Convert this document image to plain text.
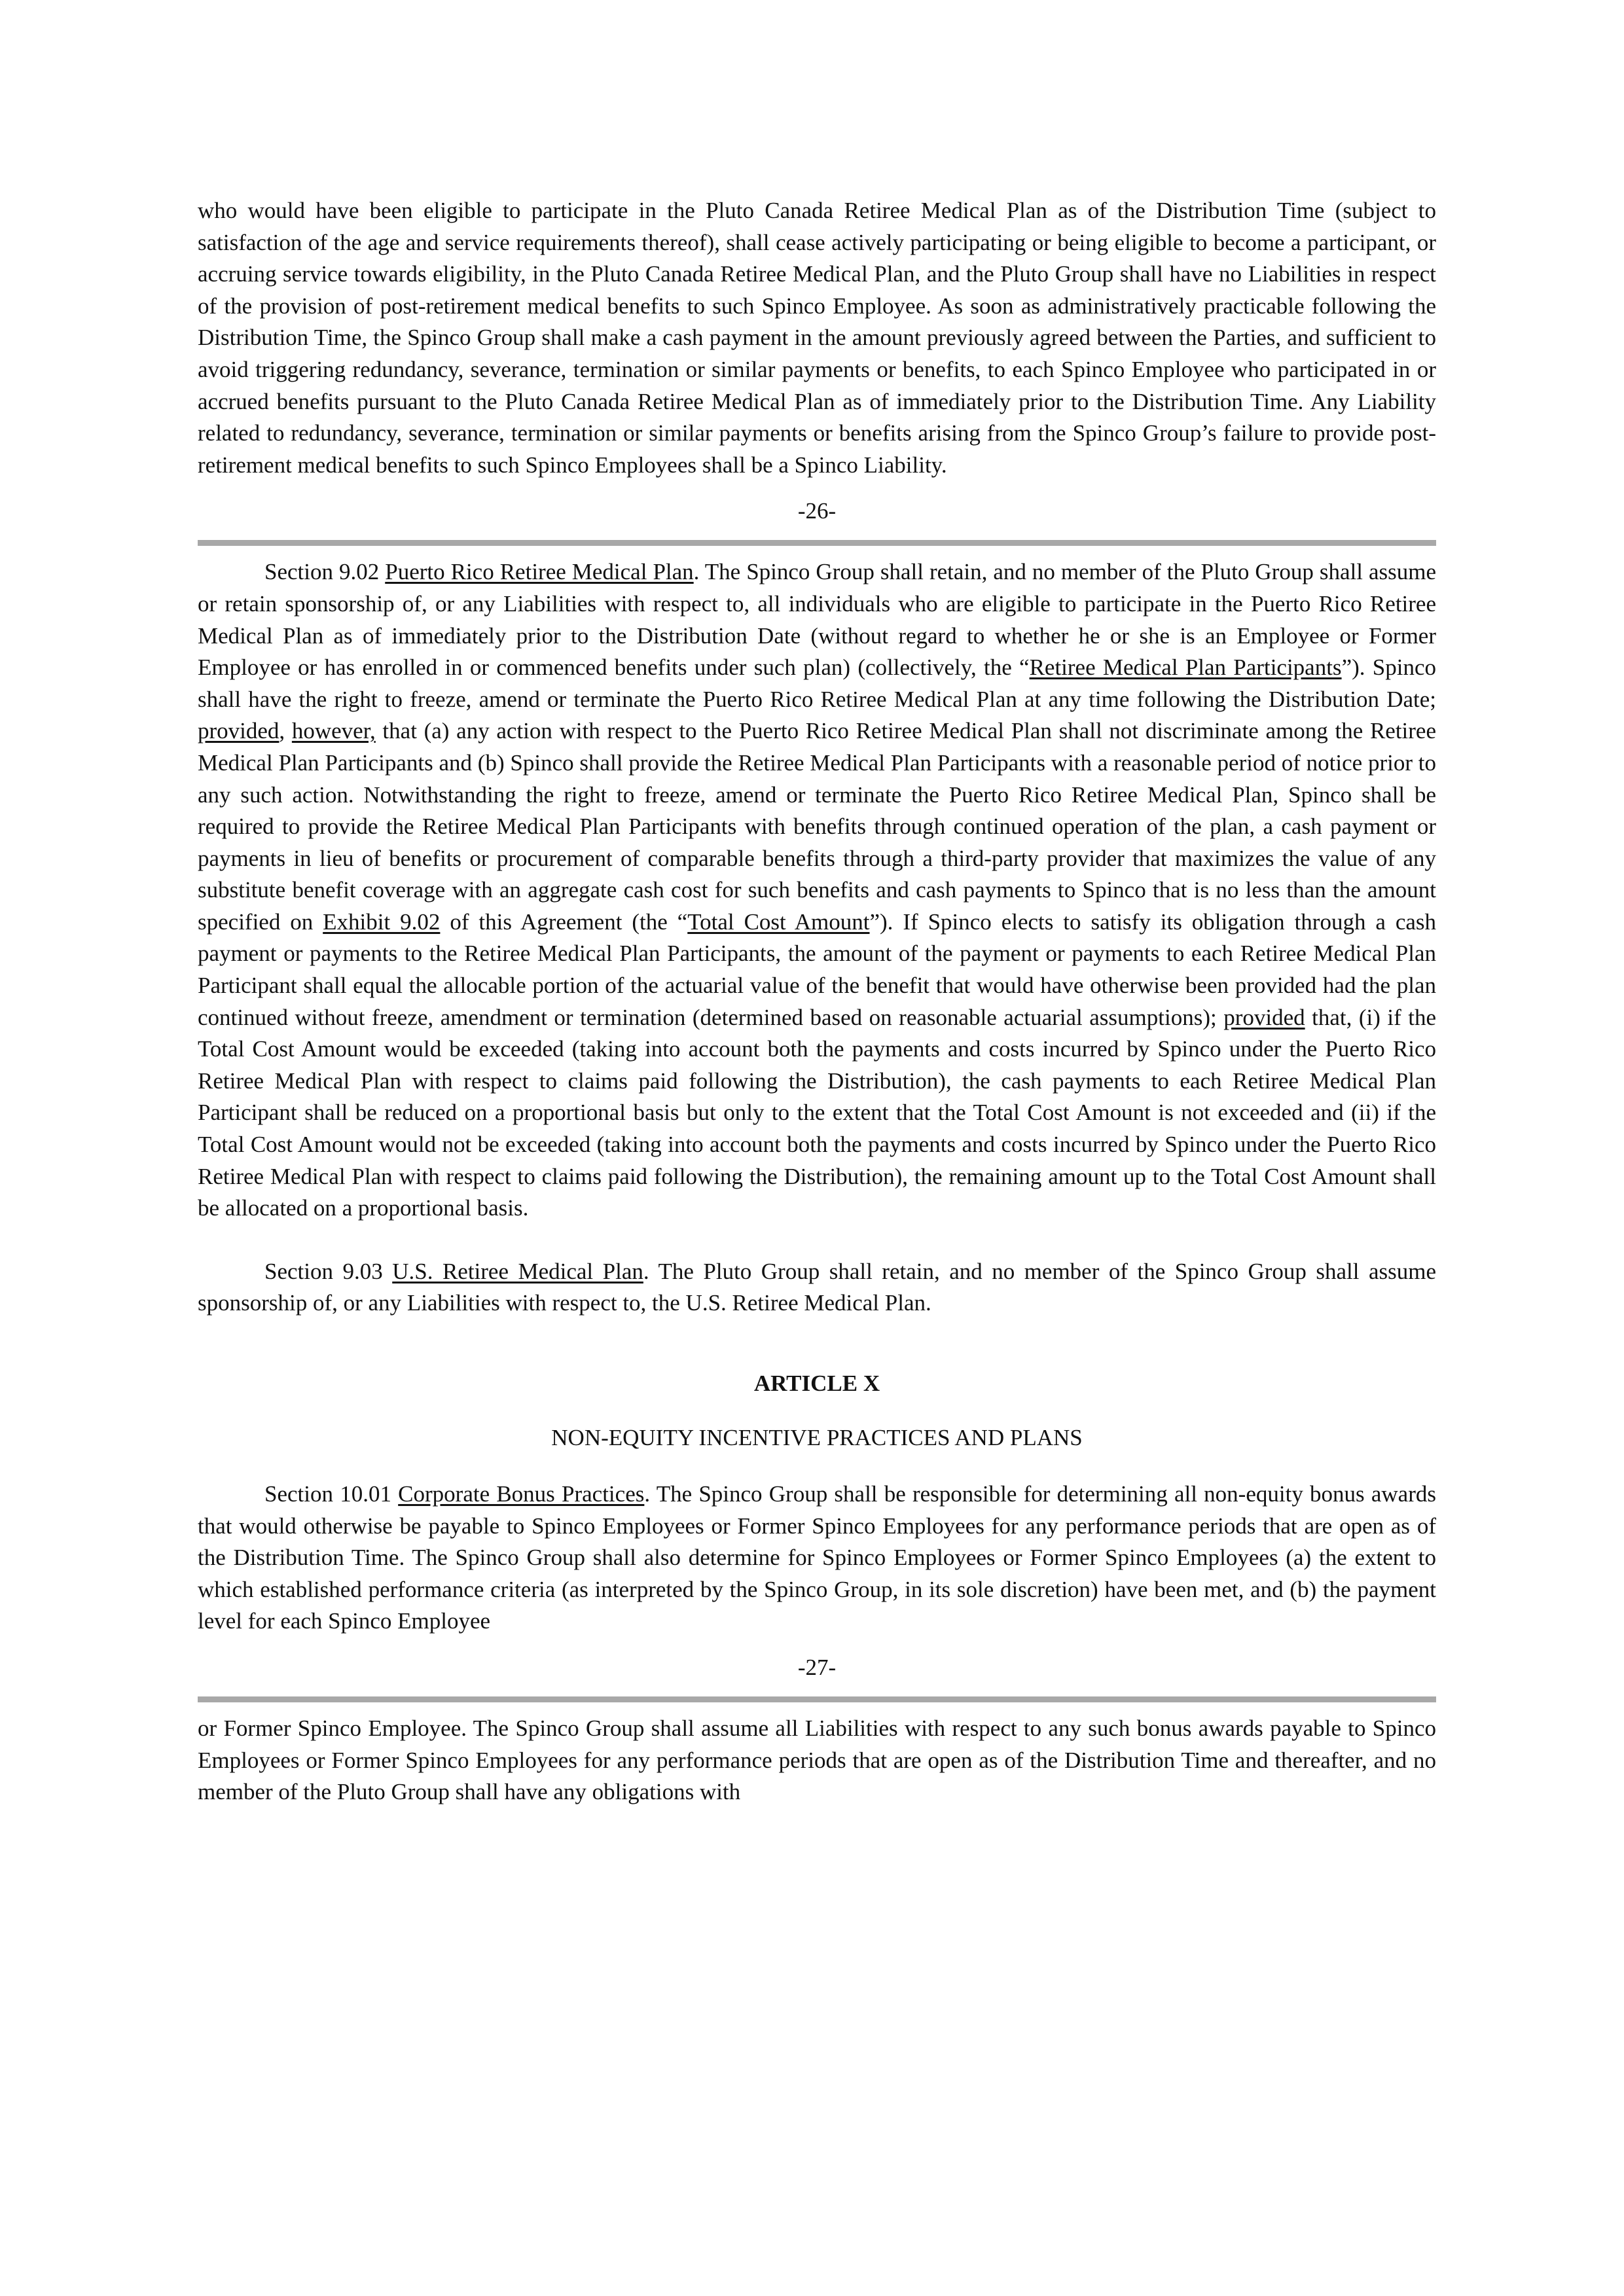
who would have been eligible to participate in the Pluto Canada Retiree Medical Plan as of the Distribution Time (subject to satisfaction of the age and service requirements thereof), shall cease actively participating or being eligible to become a participant, or accruing service towards eligibility, in the Pluto Canada Retiree Medical Plan, and the Pluto Group shall have no Liabilities in respect of the provision of post-retirement medical benefits to such Spinco Employee. As soon as administratively practicable following the Distribution Time, the Spinco Group shall make a cash payment in the amount previously agreed between the Parties, and sufficient to avoid triggering redundancy, severance, termination or similar payments or benefits, to each Spinco Employee who participated in or accrued benefits pursuant to the Pluto Canada Retiree Medical Plan as of immediately prior to the Distribution Time. Any Liability related to redundancy, severance, termination or similar payments or benefits arising from the Spinco Group’s failure to provide post-retirement medical benefits to such Spinco Employees shall be a Spinco Liability.

-26-

Section 9.02 Puerto Rico Retiree Medical Plan. The Spinco Group shall retain, and no member of the Pluto Group shall assume or retain sponsorship of, or any Liabilities with respect to, all individuals who are eligible to participate in the Puerto Rico Retiree Medical Plan as of immediately prior to the Distribution Date (without regard to whether he or she is an Employee or Former Employee or has enrolled in or commenced benefits under such plan) (collectively, the “Retiree Medical Plan Participants”). Spinco shall have the right to freeze, amend or terminate the Puerto Rico Retiree Medical Plan at any time following the Distribution Date; provided, however, that (a) any action with respect to the Puerto Rico Retiree Medical Plan shall not discriminate among the Retiree Medical Plan Participants and (b) Spinco shall provide the Retiree Medical Plan Participants with a reasonable period of notice prior to any such action. Notwithstanding the right to freeze, amend or terminate the Puerto Rico Retiree Medical Plan, Spinco shall be required to provide the Retiree Medical Plan Participants with benefits through continued operation of the plan, a cash payment or payments in lieu of benefits or procurement of comparable benefits through a third-party provider that maximizes the value of any substitute benefit coverage with an aggregate cash cost for such benefits and cash payments to Spinco that is no less than the amount specified on Exhibit 9.02 of this Agreement (the “Total Cost Amount”). If Spinco elects to satisfy its obligation through a cash payment or payments to the Retiree Medical Plan Participants, the amount of the payment or payments to each Retiree Medical Plan Participant shall equal the allocable portion of the actuarial value of the benefit that would have otherwise been provided had the plan continued without freeze, amendment or termination (determined based on reasonable actuarial assumptions); provided that, (i) if the Total Cost Amount would be exceeded (taking into account both the payments and costs incurred by Spinco under the Puerto Rico Retiree Medical Plan with respect to claims paid following the Distribution), the cash payments to each Retiree Medical Plan Participant shall be reduced on a proportional basis but only to the extent that the Total Cost Amount is not exceeded and (ii) if the Total Cost Amount would not be exceeded (taking into account both the payments and costs incurred by Spinco under the Puerto Rico Retiree Medical Plan with respect to claims paid following the Distribution), the remaining amount up to the Total Cost Amount shall be allocated on a proportional basis.

Section 9.03 U.S. Retiree Medical Plan. The Pluto Group shall retain, and no member of the Spinco Group shall assume sponsorship of, or any Liabilities with respect to, the U.S. Retiree Medical Plan.

ARTICLE X

NON-EQUITY INCENTIVE PRACTICES AND PLANS

Section 10.01 Corporate Bonus Practices. The Spinco Group shall be responsible for determining all non-equity bonus awards that would otherwise be payable to Spinco Employees or Former Spinco Employees for any performance periods that are open as of the Distribution Time. The Spinco Group shall also determine for Spinco Employees or Former Spinco Employees (a) the extent to which established performance criteria (as interpreted by the Spinco Group, in its sole discretion) have been met, and (b) the payment level for each Spinco Employee

-27-

or Former Spinco Employee. The Spinco Group shall assume all Liabilities with respect to any such bonus awards payable to Spinco Employees or Former Spinco Employees for any performance periods that are open as of the Distribution Time and thereafter, and no member of the Pluto Group shall have any obligations with
